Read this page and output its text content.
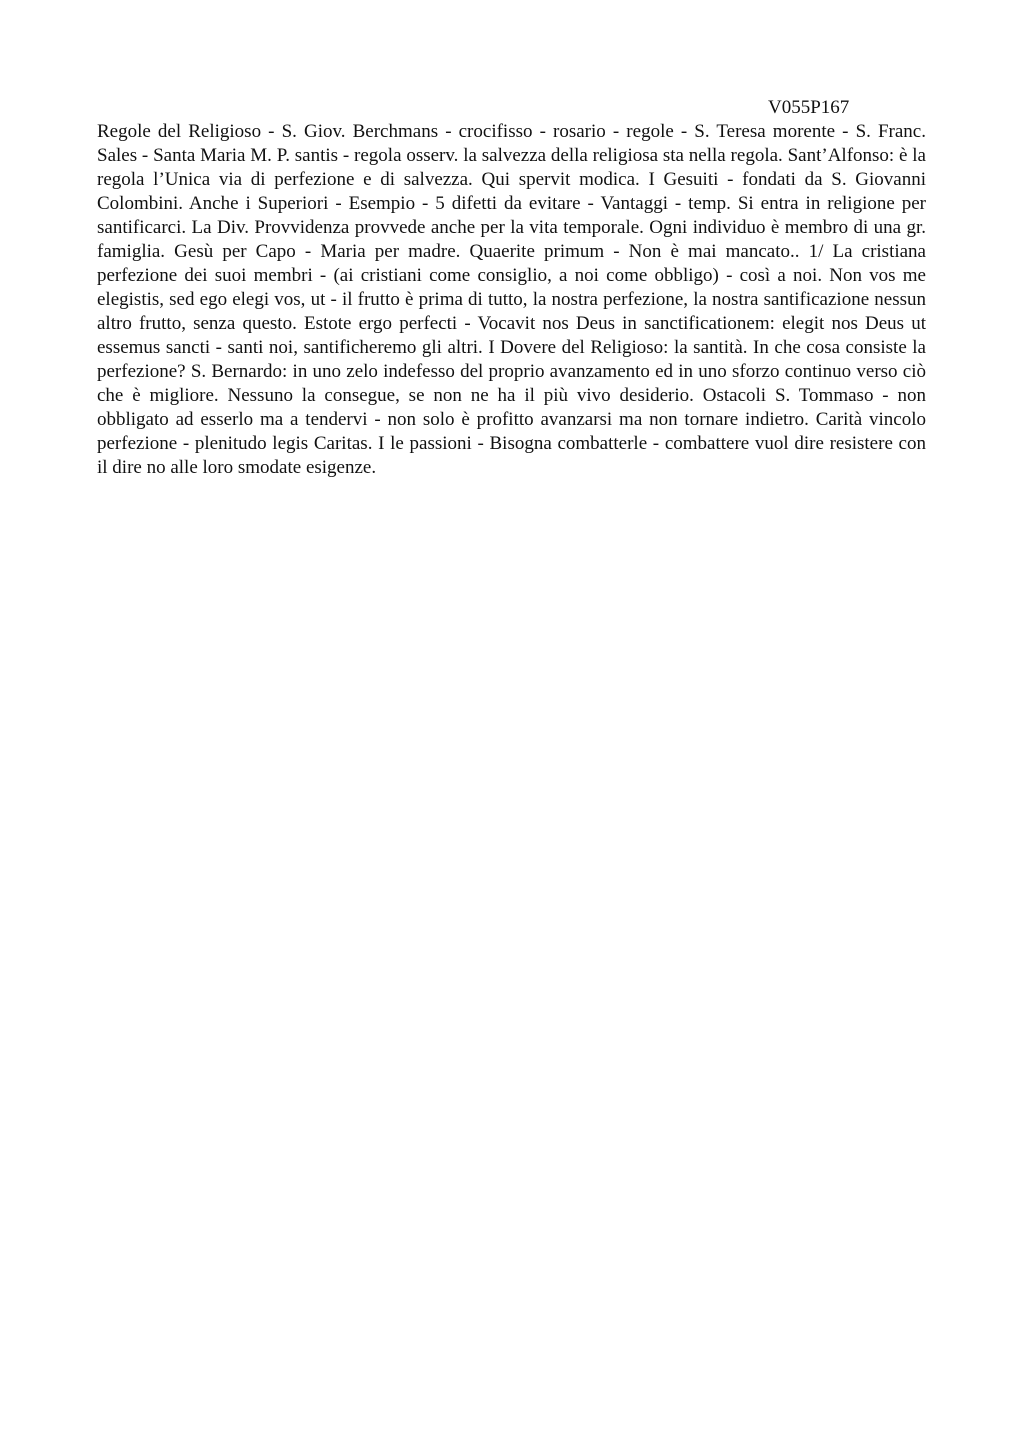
V055P167

Regole del Religioso - S. Giov. Berchmans - crocifisso - rosario - regole - S. Teresa morente - S. Franc. Sales - Santa Maria M. P. santis - regola osserv. la salvezza della religiosa sta nella regola. Sant’Alfonso: è la regola l’Unica via di perfezione e di salvezza. Qui spervit modica. I Gesuiti - fondati da S. Giovanni Colombini. Anche i Superiori - Esempio - 5 difetti da evitare - Vantaggi - temp. Si entra in religione per santificarci. La Div. Provvidenza provvede anche per la vita temporale. Ogni individuo è membro di una gr. famiglia. Gesù per Capo - Maria per madre. Quaerite primum - Non è mai mancato.. 1/ La cristiana perfezione dei suoi membri - (ai cristiani come consiglio, a noi come obbligo) - così a noi. Non vos me elegistis, sed ego elegi vos, ut - il frutto è prima di tutto, la nostra perfezione, la nostra santificazione nessun altro frutto, senza questo. Estote ergo perfecti - Vocavit nos Deus in sanctificationem: elegit nos Deus ut essemus sancti - santi noi, santificheremo gli altri. I Dovere del Religioso: la santità. In che cosa consiste la perfezione? S. Bernardo: in uno zelo indefesso del proprio avanzamento ed in uno sforzo continuo verso ciò che è migliore. Nessuno la consegue, se non ne ha il più vivo desiderio. Ostacoli S. Tommaso - non obbligato ad esserlo ma a tendervi - non solo è profitto avanzarsi ma non tornare indietro. Carità vincolo perfezione - plenitudo legis Caritas. I le passioni - Bisogna combatterle - combattere vuol dire resistere con il dire no alle loro smodate esigenze.
